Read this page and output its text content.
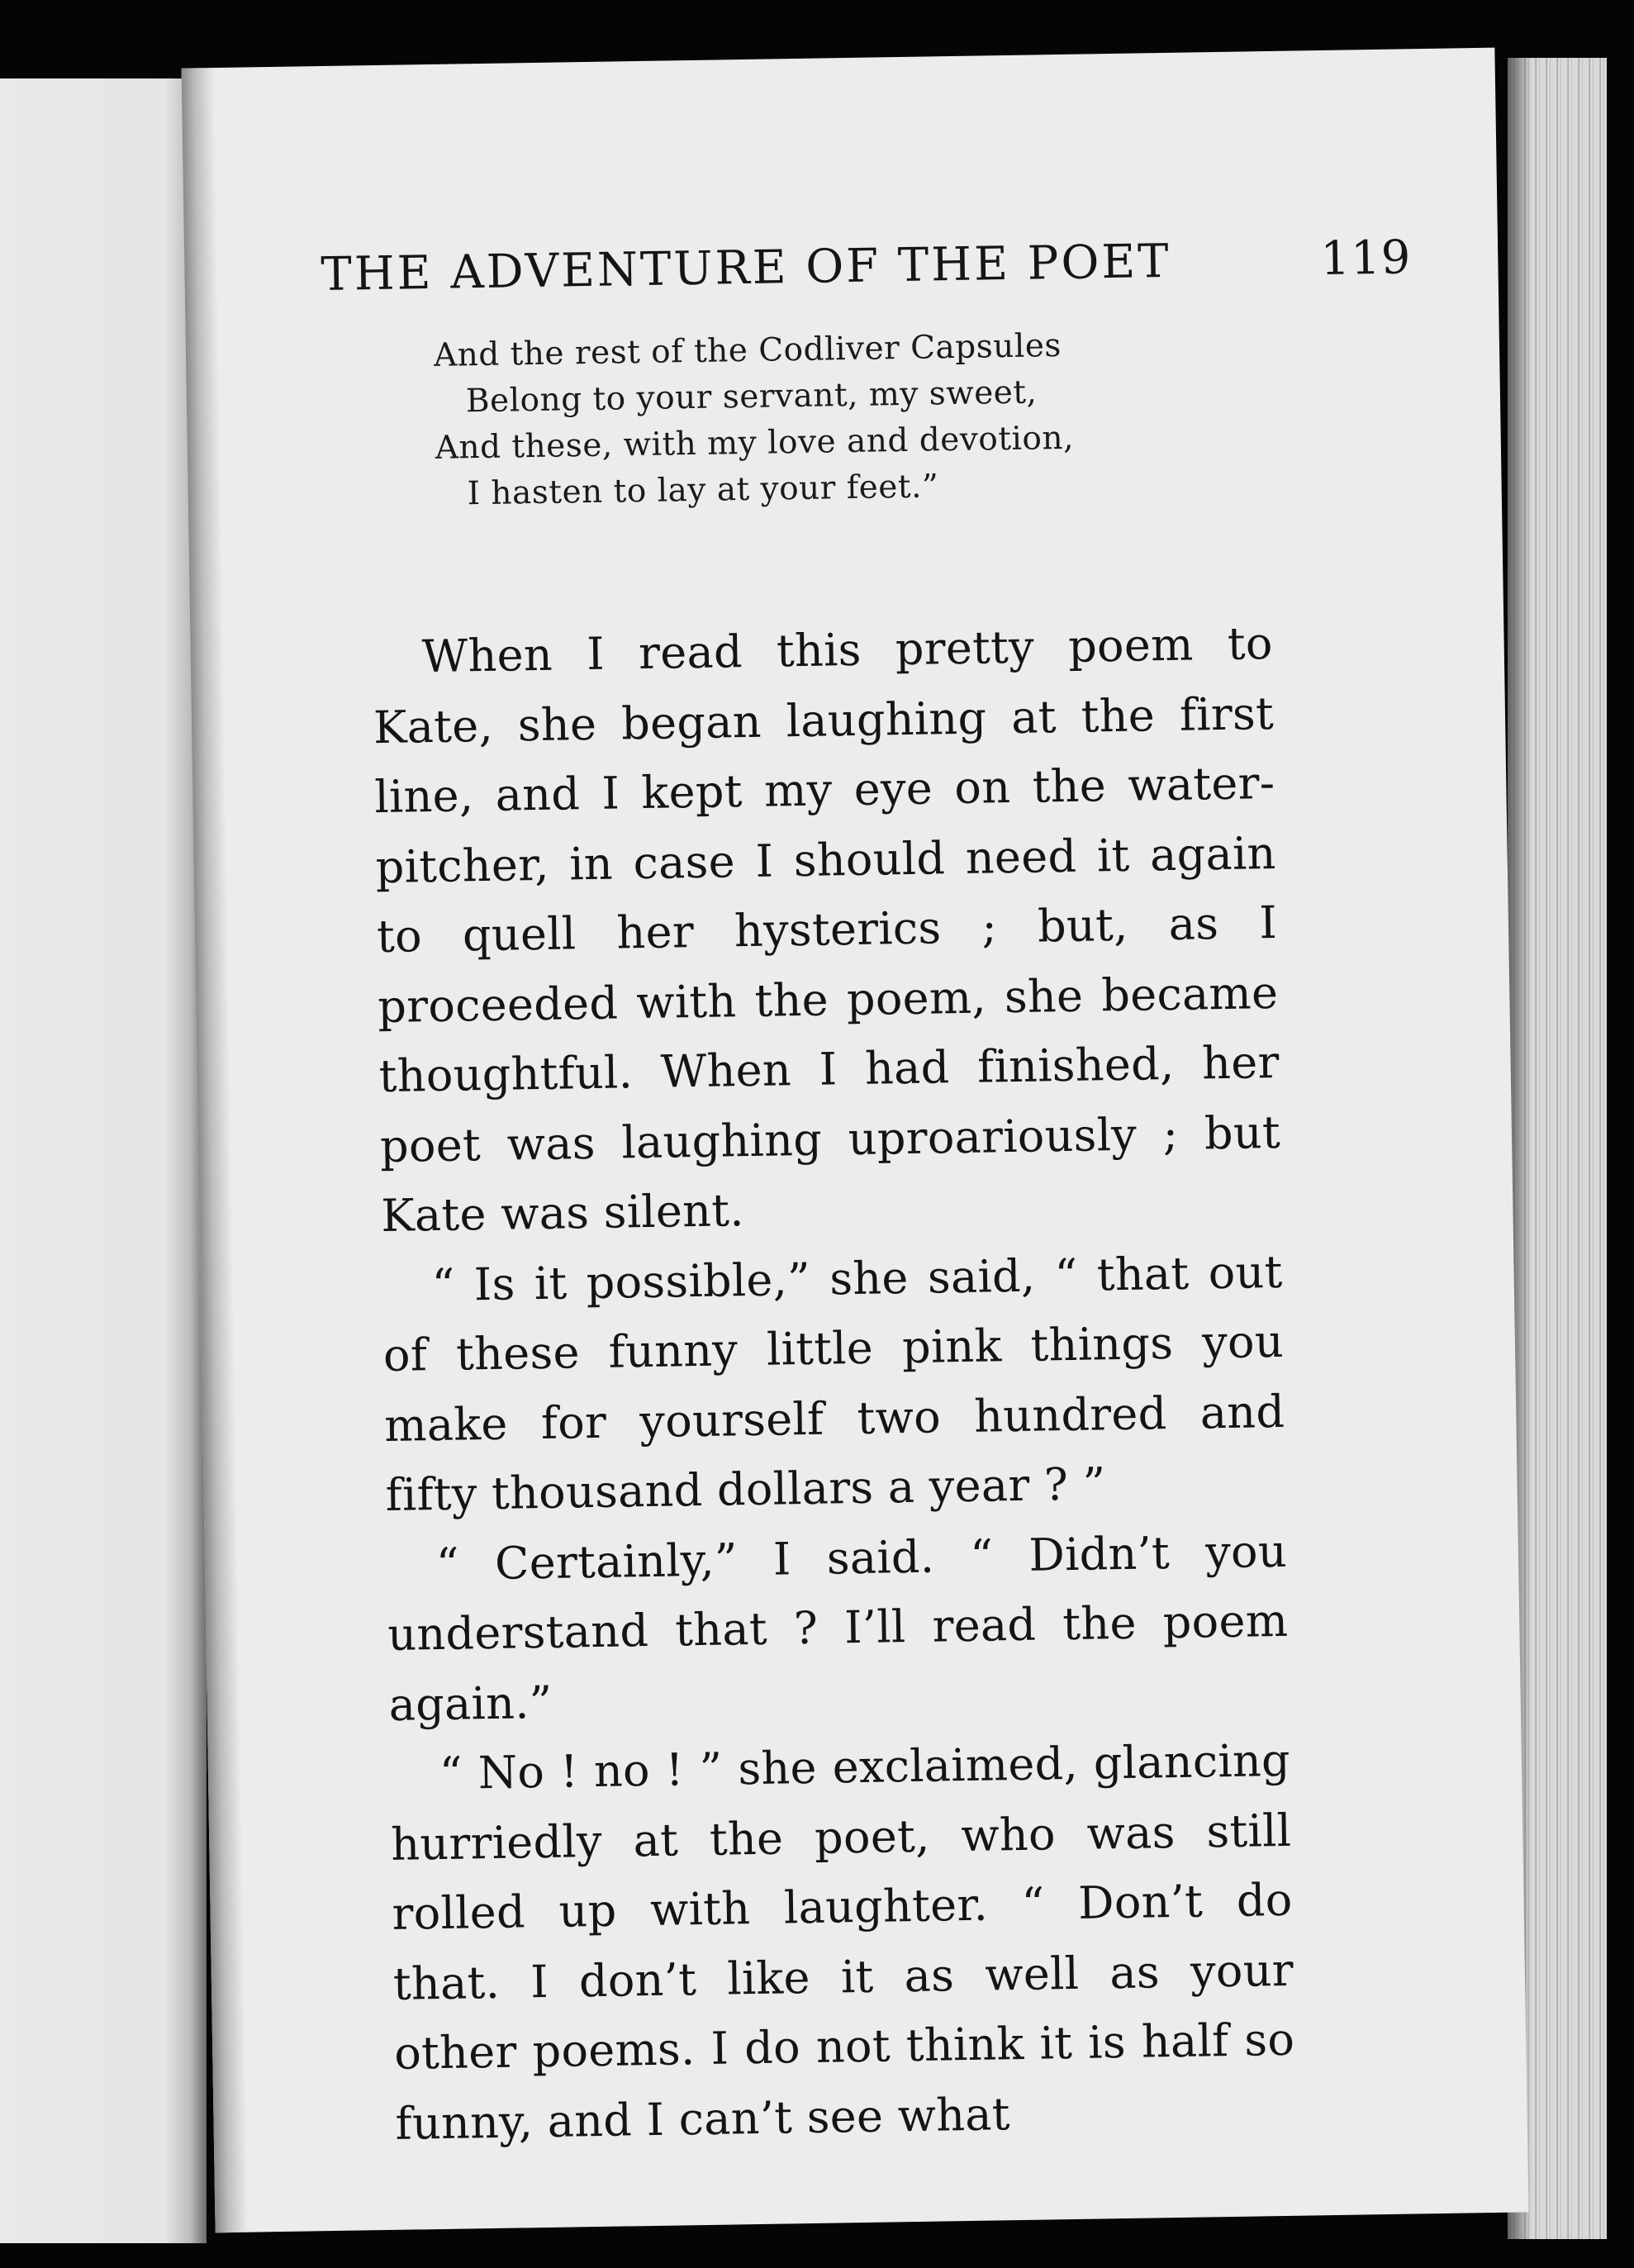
THE ADVENTURE OF THE POET	119
And the rest of the Codliver Capsules
Belong to your servant, my sweet,
And these, with my love and devotion,
I hasten to lay at your feet.”

When I read this pretty poem to Kate, she began laughing at the first line, and I kept my eye on the water-pitcher, in case I should need it again to quell her hysterics ; but, as I proceeded with the poem, she became thoughtful. When I had finished, her poet was laughing uproariously ; but Kate was silent.

“ Is it possible,” she said, “ that out of these funny little pink things you make for yourself two hundred and fifty thousand dollars a year ? ”

“ Certainly,” I said. “ Didn’t you understand that ? I’ll read the poem again.”

“ No ! no ! ” she exclaimed, glancing hurriedly at the poet, who was still rolled up with laughter. “ Don’t do that. I don’t like it as well as your other poems. I do not think it is half so funny, and I can’t see what
